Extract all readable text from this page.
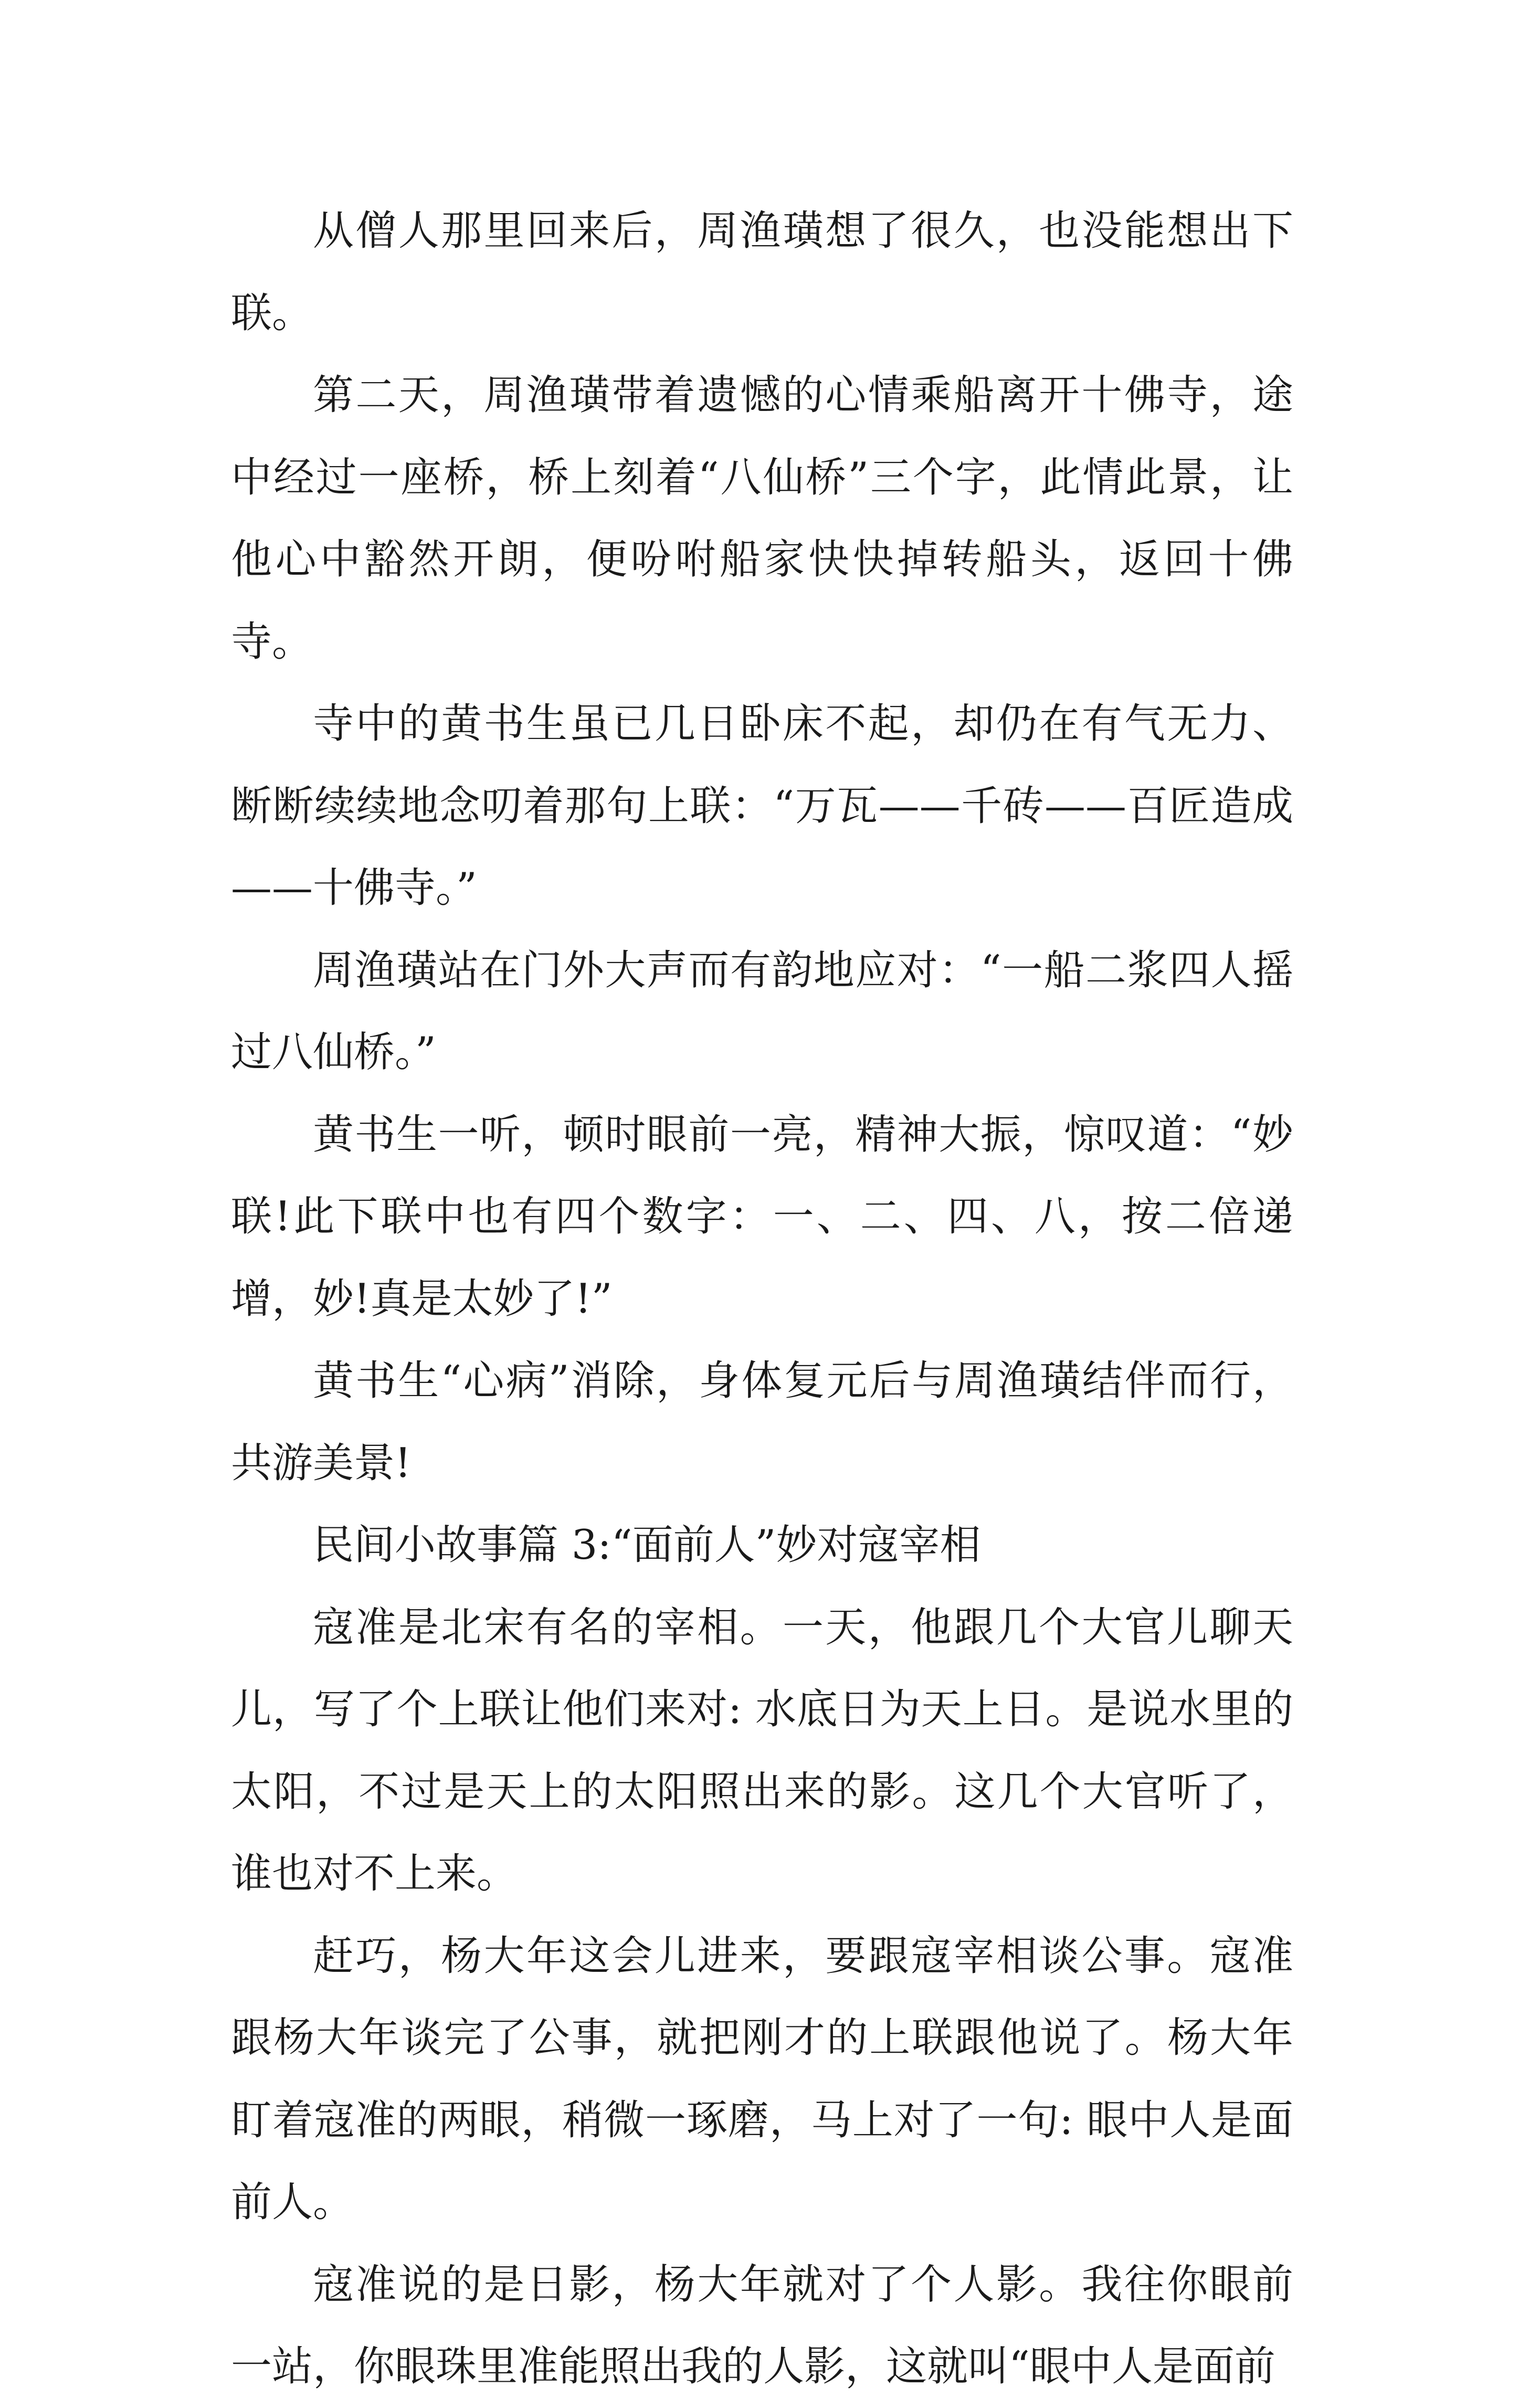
从僧人那里回来后，周渔璜想了很久，也没能想出下联。

第二天，周渔璜带着遗憾的心情乘船离开十佛寺，途中经过一座桥，桥上刻着“八仙桥”三个字，此情此景，让他心中豁然开朗，便吩咐船家快快掉转船头，返回十佛寺。

寺中的黄书生虽已几日卧床不起，却仍在有气无力、断断续续地念叨着那句上联：“万瓦——千砖——百匠造成——十佛寺。”

周渔璜站在门外大声而有韵地应对：“一船二浆四人摇过八仙桥。”

黄书生一听，顿时眼前一亮，精神大振，惊叹道：“妙联!此下联中也有四个数字：一、二、四、八，按二倍递增，妙!真是太妙了!”

黄书生“心病”消除，身体复元后与周渔璜结伴而行，共游美景!

民间小故事篇 3:“面前人”妙对寇宰相

寇准是北宋有名的宰相。一天，他跟几个大官儿聊天儿，写了个上联让他们来对: 水底日为天上日。是说水里的太阳，不过是天上的太阳照出来的影。这几个大官听了，谁也对不上来。

赶巧，杨大年这会儿进来，要跟寇宰相谈公事。寇准跟杨大年谈完了公事，就把刚才的上联跟他说了。杨大年盯着寇准的两眼，稍微一琢磨，马上对了一句: 眼中人是面前人。

寇准说的是日影，杨大年就对了个人影。我往你眼前一站，你眼珠里准能照出我的人影，这就叫“眼中人是面前
